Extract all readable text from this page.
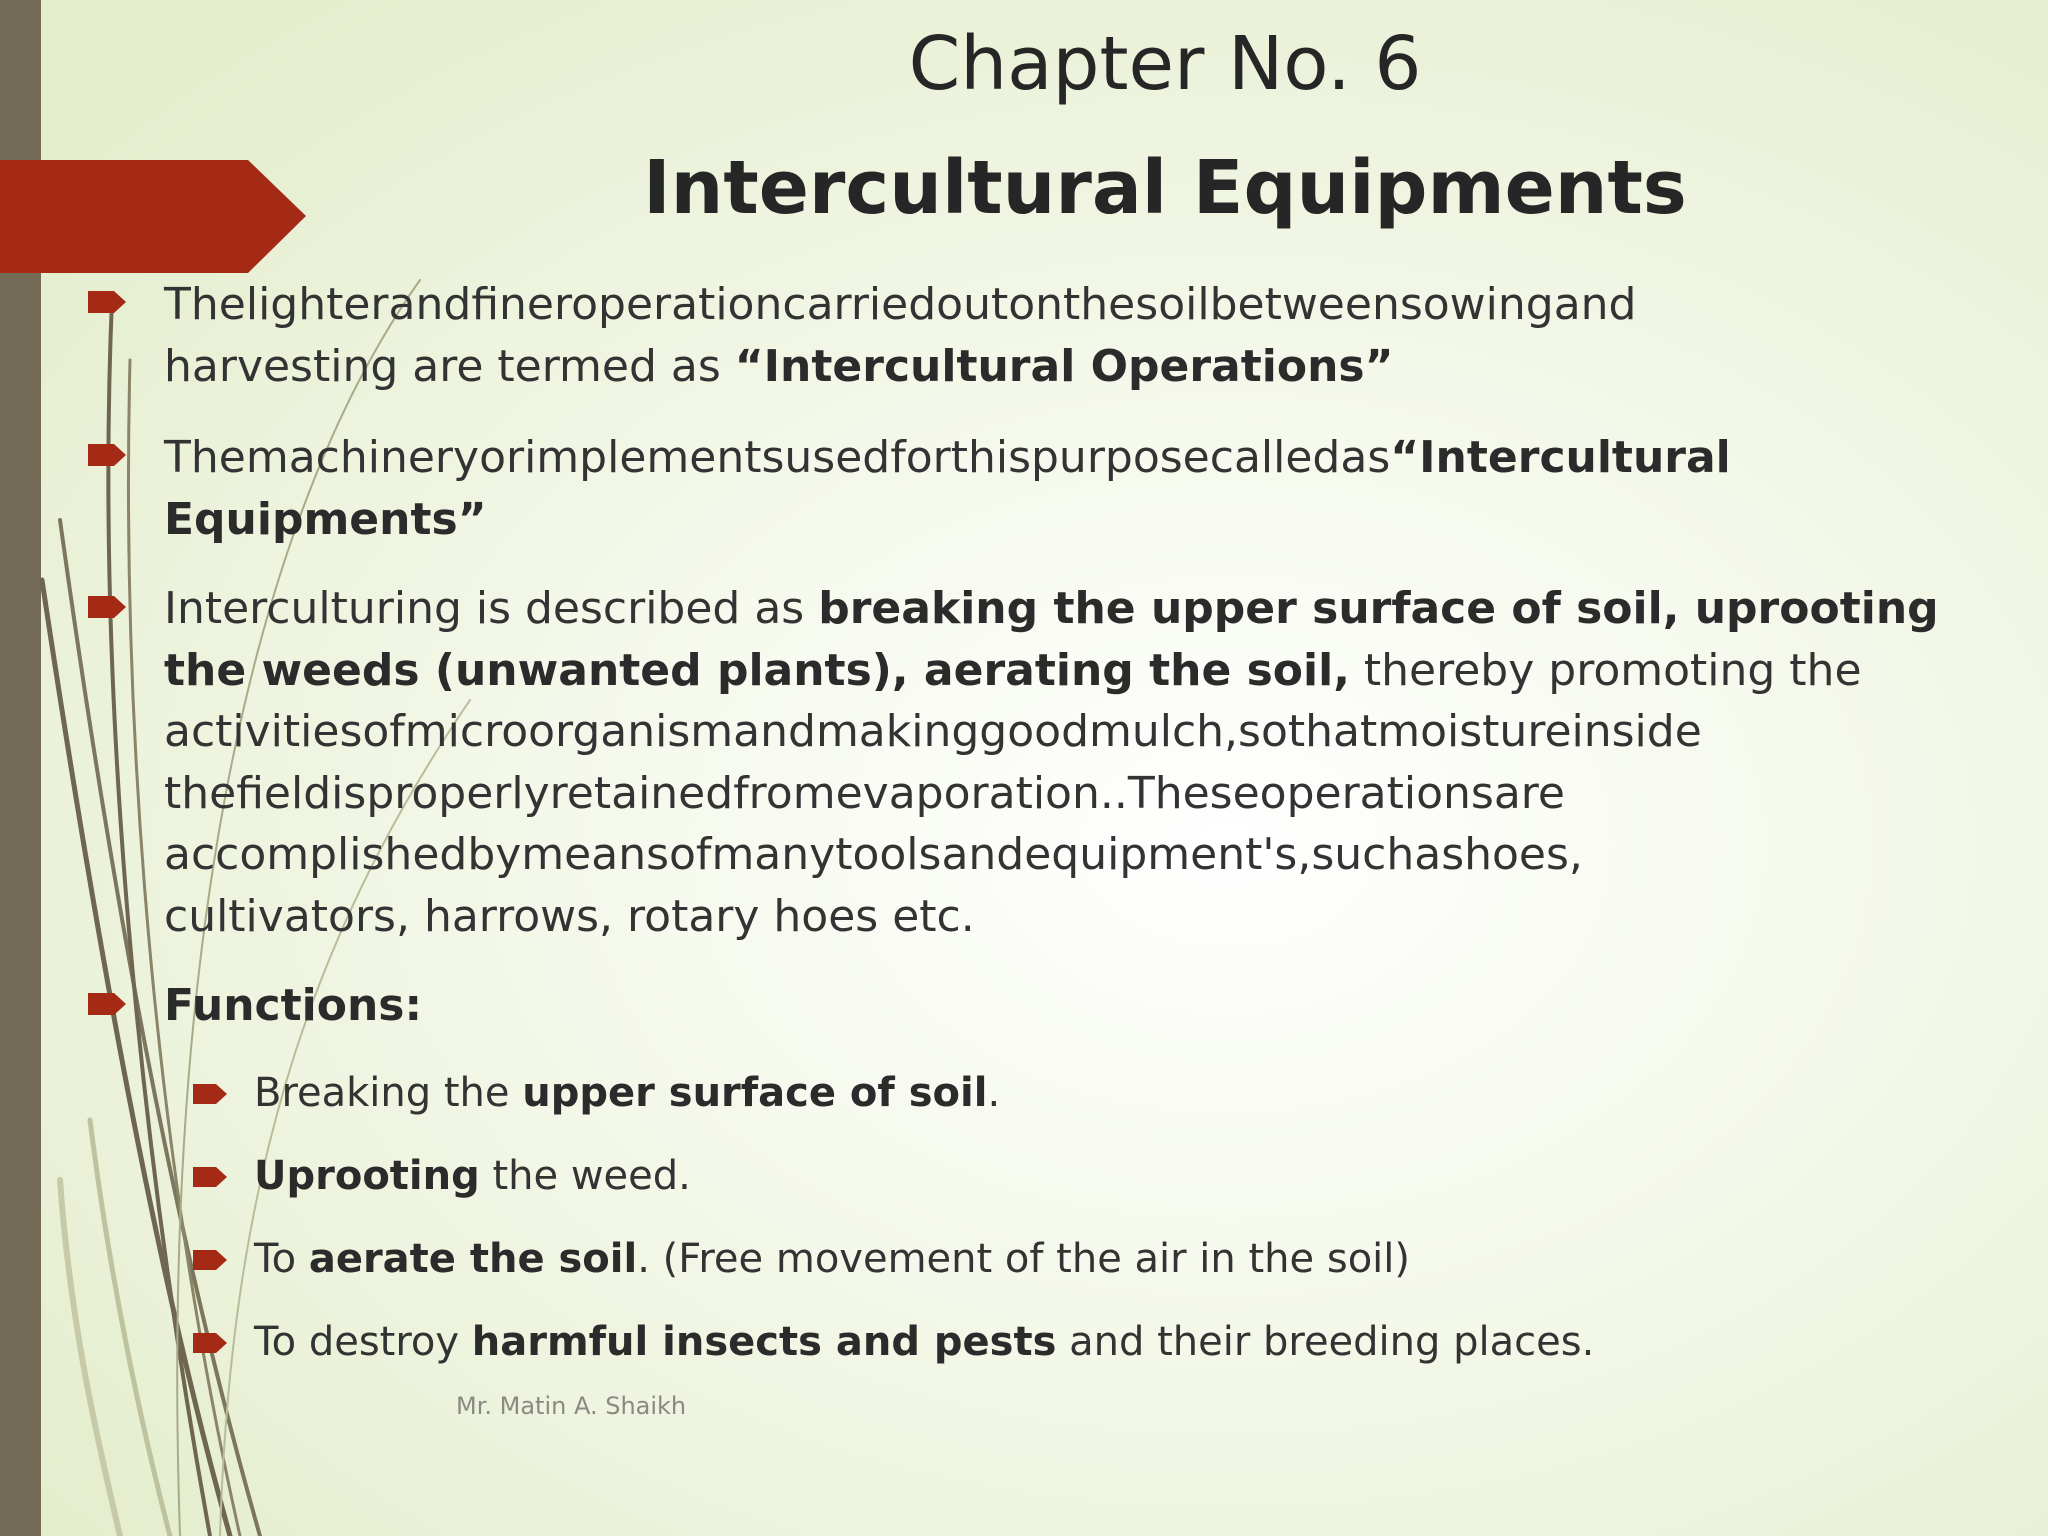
Chapter No. 6
Intercultural Equipments
Thelighterandfineroperationcarriedoutonthesoilbetweensowingand
harvesting are termed as “Intercultural Operations”
Themachineryorimplementsusedforthispurposecalledas“Intercultural
Equipments”
Interculturing is described as breaking the upper surface of soil, uprooting
the weeds (unwanted plants), aerating the soil, thereby promoting the
activitiesofmicroorganismandmakinggoodmulch,sothatmoistureinside
thefieldisproperlyretainedfromevaporation..Theseoperationsare
accomplishedbymeansofmanytoolsandequipment's,suchashoes,
cultivators, harrows, rotary hoes etc.
Functions:
Breaking the upper surface of soil.
Uprooting the weed.
To aerate the soil. (Free movement of the air in the soil)
To destroy harmful insects and pests and their breeding places.
Mr. Matin A. Shaikh
